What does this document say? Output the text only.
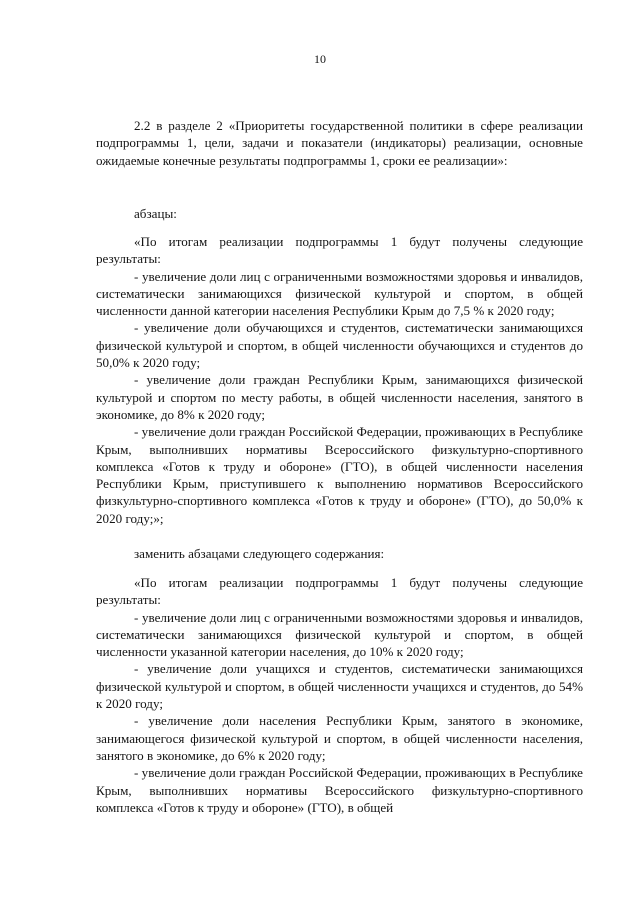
10

2.2 в разделе 2 «Приоритеты государственной политики в сфере реализации подпрограммы 1, цели, задачи и показатели (индикаторы) реализации, основные ожидаемые конечные результаты подпрограммы 1, сроки ее реализации»:

абзацы:

«По итогам реализации подпрограммы 1 будут получены следующие результаты:

- увеличение доли лиц с ограниченными возможностями здоровья и инвалидов, систематически занимающихся физической культурой и спортом, в общей численности данной категории населения Республики Крым до 7,5 % к 2020 году;

- увеличение доли обучающихся и студентов, систематически занимающихся физической культурой и спортом, в общей численности обучающихся и студентов до 50,0% к 2020 году;

- увеличение доли граждан Республики Крым, занимающихся физической культурой и спортом по месту работы, в общей численности населения, занятого в экономике, до 8% к 2020 году;

- увеличение доли граждан Российской Федерации, проживающих в Республике Крым, выполнивших нормативы Всероссийского физкультурно-спортивного комплекса «Готов к труду и обороне» (ГТО), в общей численности населения Республики Крым, приступившего к выполнению нормативов Всероссийского физкультурно-спортивного комплекса «Готов к труду и обороне» (ГТО), до 50,0% к 2020 году;»;

заменить абзацами следующего содержания:

«По итогам реализации подпрограммы 1 будут получены следующие результаты:

- увеличение доли лиц с ограниченными возможностями здоровья и инвалидов, систематически занимающихся физической культурой и спортом, в общей численности указанной категории населения, до 10% к 2020 году;

- увеличение доли учащихся и студентов, систематически занимающихся физической культурой и спортом, в общей численности учащихся и студентов, до 54% к 2020 году;

- увеличение доли населения Республики Крым, занятого в экономике, занимающегося физической культурой и спортом, в общей численности населения, занятого в экономике, до 6% к 2020 году;

- увеличение доли граждан Российской Федерации, проживающих в Республике Крым, выполнивших нормативы Всероссийского физкультурно-спортивного комплекса «Готов к труду и обороне» (ГТО), в общей
